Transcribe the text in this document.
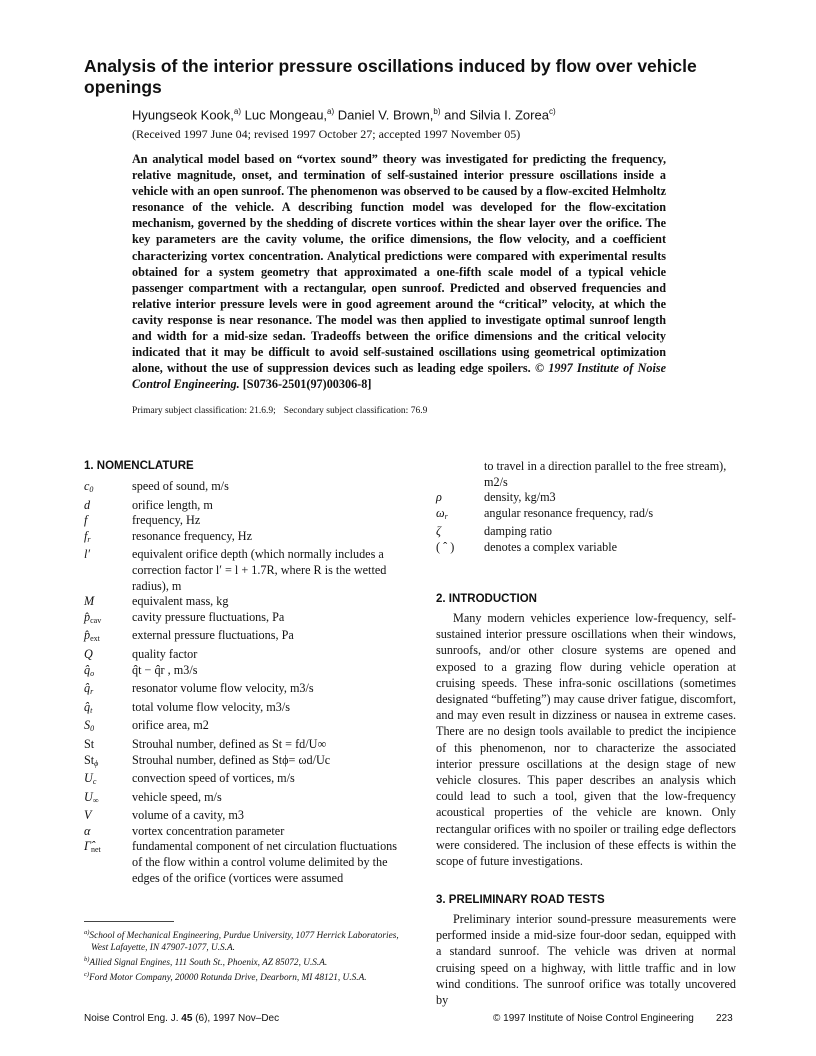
Analysis of the interior pressure oscillations induced by flow over vehicle openings
Hyungseok Kook,$^{a)}$ Luc Mongeau,$^{a)}$ Daniel V. Brown,$^{b)}$ and Silvia I. Zorea$^{c)}$
(Received 1997 June 04; revised 1997 October 27; accepted 1997 November 05)
An analytical model based on “vortex sound” theory was investigated for predicting the frequency, relative magnitude, onset, and termination of self-sustained interior pressure oscillations inside a vehicle with an open sunroof. The phenomenon was observed to be caused by a flow-excited Helmholtz resonance of the vehicle. A describing function model was developed for the flow-excitation mechanism, governed by the shedding of discrete vortices within the shear layer over the orifice. The key parameters are the cavity volume, the orifice dimensions, the flow velocity, and a coefficient characterizing vortex concentration. Analytical predictions were compared with experimental results obtained for a system geometry that approximated a one-fifth scale model of a typical vehicle passenger compartment with a rectangular, open sunroof. Predicted and observed frequencies and relative interior pressure levels were in good agreement around the “critical” velocity, at which the cavity response is near resonance. The model was then applied to investigate optimal sunroof length and width for a mid-size sedan. Tradeoffs between the orifice dimensions and the critical velocity indicated that it may be difficult to avoid self-sustained oscillations using geometrical optimization alone, without the use of suppression devices such as leading edge spoilers. © 1997 Institute of Noise Control Engineering. [S0736-2501(97)00306-8]
Primary subject classification: 21.6.9; Secondary subject classification: 76.9
1. NOMENCLATURE
$c_0$	speed of sound, m/s
d	orifice length, m
f	frequency, Hz
$f_r$	resonance frequency, Hz
l′	equivalent orifice depth (which normally includes a correction factor l′ = l + 1.7R, where R is the wetted radius), m
M	equivalent mass, kg
$p̂_{cav}$	cavity pressure fluctuations, Pa
$p̂_{ext}$	external pressure fluctuations, Pa
Q	quality factor
$q̂_o$	q̂t − q̂r , m3/s
$q̂_r$	resonator volume flow velocity, m3/s
$q̂_t$	total volume flow velocity, m3/s
$S_0$	orifice area, m2
St	Strouhal number, defined as St = fd/U∞
$St_\phi$	Strouhal number, defined as Stϕ= ωd/Uc
$U_c$	convection speed of vortices, m/s
$U_\infty$	vehicle speed, m/s
V	volume of a cavity, m3
α	vortex concentration parameter
$\Gammâ_{net}$	fundamental component of net circulation fluctuations of the flow within a control volume delimited by the edges of the orifice (vortices were assumed
to travel in a direction parallel to the free stream), m2/s
ρ	density, kg/m3
$\omega_r$	angular resonance frequency, rad/s
ζ	damping ratio
( ˆ )	denotes a complex variable
2. INTRODUCTION
Many modern vehicles experience low-frequency, self-sustained interior pressure oscillations when their windows, sunroofs, and/or other closure systems are opened and exposed to a grazing flow during vehicle operation at cruising speeds. These infra-sonic oscillations (sometimes designated “buffeting”) may cause driver fatigue, discomfort, and may even result in dizziness or nausea in extreme cases. There are no design tools available to predict the incipience of this phenomenon, nor to characterize the associated interior pressure oscillations at the design stage of new vehicle closures. This paper describes an analysis which could lead to such a tool, given that the low-frequency acoustical properties of the vehicle are known. Only rectangular orifices with no spoiler or trailing edge deflectors were considered. The inclusion of these effects is within the scope of future investigations.
3. PRELIMINARY ROAD TESTS
Preliminary interior sound-pressure measurements were performed inside a mid-size four-door sedan, equipped with a standard sunroof. The vehicle was driven at normal cruising speed on a highway, with little traffic and in low wind conditions. The sunroof orifice was totally uncovered by
$^{a)}$School of Mechanical Engineering, Purdue University, 1077 Herrick Laboratories, West Lafayette, IN 47907-1077, U.S.A.
$^{b)}$Allied Signal Engines, 111 South St., Phoenix, AZ 85072, U.S.A.
$^{c)}$Ford Motor Company, 20000 Rotunda Drive, Dearborn, MI 48121, U.S.A.
Noise Control Eng. J. 45 (6), 1997 Nov–Dec	© 1997 Institute of Noise Control Engineering 223
